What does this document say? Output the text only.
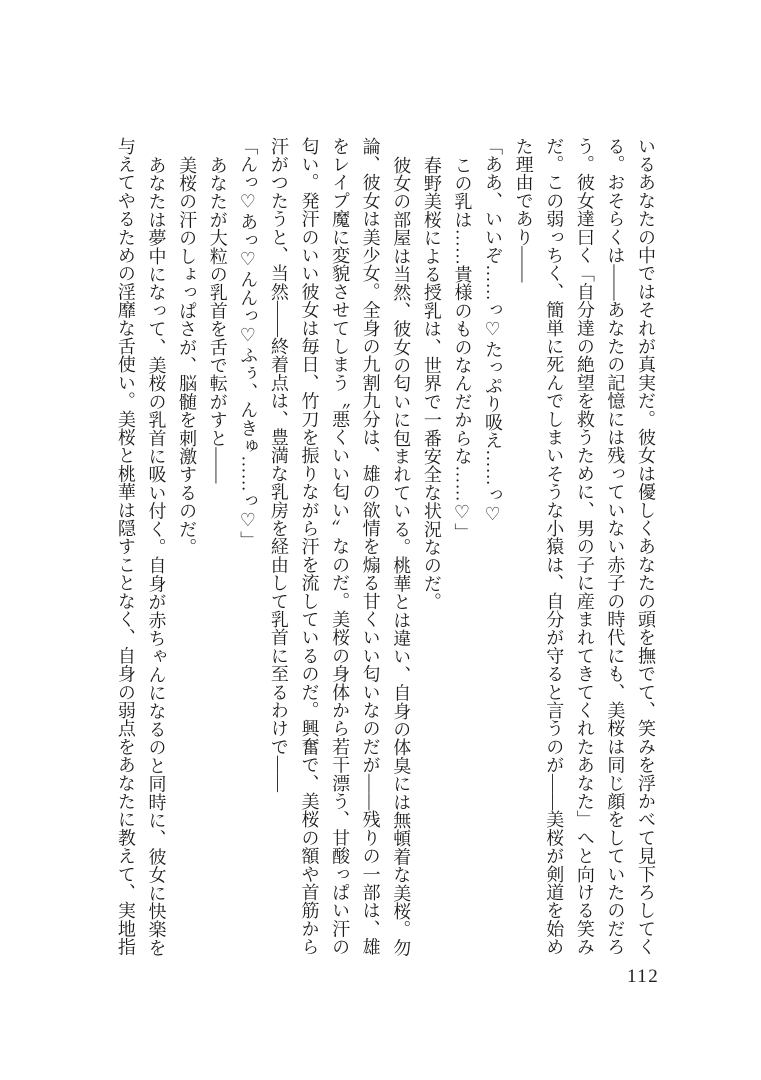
いるあなたの中ではそれが真実だ。彼女は優しくあなたの頭を撫でて、笑みを浮かべて見下ろしてく

る。おそらくは――あなたの記憶には残っていない赤子の時代にも、美桜は同じ顔をしていたのだろ

う。彼女達曰く「自分達の絶望を救うために、男の子に産まれてきてくれたあなた」へと向ける笑み

だ。この弱っちく、簡単に死んでしまいそうな小猿は、自分が守ると言うのが――美桜が剣道を始め

た理由であり――

「ああ、いいぞ……っ♡たっぷり吸え……っ♡

この乳は……貴様のものなんだからな……♡」

春野美桜による授乳は、世界で一番安全な状況なのだ。

彼女の部屋は当然、彼女の匂いに包まれている。桃華とは違い、自身の体臭には無頓着な美桜。勿

論、彼女は美少女。全身の九割九分は、雄の欲情を煽る甘くいい匂いなのだが――残りの一部は、雄

をレイプ魔に変貌させてしまう〝悪くいい匂い〟なのだ。美桜の身体から若干漂う、甘酸っぱい汗の

匂い。発汗のいい彼女は毎日、竹刀を振りながら汗を流しているのだ。興奮で、美桜の額や首筋から

汗がつたうと、当然――終着点は、豊満な乳房を経由して乳首に至るわけで――

「んっ♡あっ♡んんっ♡ふぅ、んきゅ……っ♡」

あなたが大粒の乳首を舌で転がすと――

美桜の汗のしょっぱさが、脳髄を刺激するのだ。

あなたは夢中になって、美桜の乳首に吸い付く。自身が赤ちゃんになるのと同時に、彼女に快楽を

与えてやるための淫靡な舌使い。美桜と桃華は隠すことなく、自身の弱点をあなたに教えて、実地指

112
